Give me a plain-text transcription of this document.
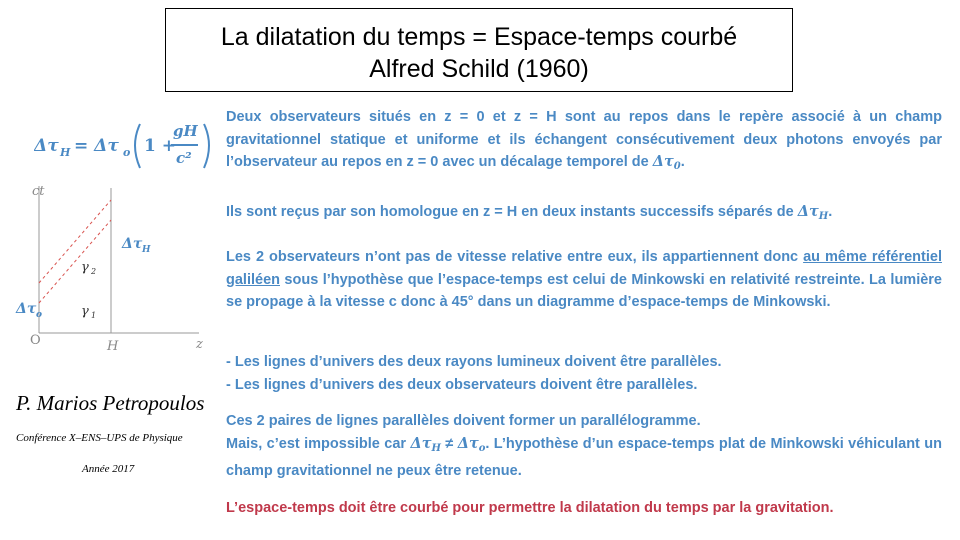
La dilatation du temps = Espace-temps courbé
Alfred Schild (1960)
Δτ H = Δτ o 1 +
gH
c²
ct
z
O	H
γ 2
γ 1
Δτ H
Δτ o
P. Marios Petropoulos
Conférence X–ENS–UPS de Physique
Année 2017

Deux observateurs situés en z = 0 et z = H sont au repos dans le repère associé à un champ gravitationnel statique et uniforme et ils échangent consécutivement deux photons envoyés par l’observateur au repos en z = 0 avec un décalage temporel de $\Delta\tau_0$.

Ils sont reçus par son homologue en z = H en deux instants successifs séparés de $\Delta\tau_H$.

Les 2 observateurs n’ont pas de vitesse relative entre eux, ils appartiennent donc au même référentiel galiléen sous l’hypothèse que l’espace-temps est celui de Minkowski en relativité restreinte. La lumière se propage à la vitesse c donc à 45° dans un diagramme d’espace-temps de Minkowski.

- Les lignes d’univers des deux rayons lumineux doivent être parallèles.

- Les lignes d’univers des deux observateurs doivent être parallèles.

Ces 2 paires de lignes parallèles doivent former un parallélogramme.

Mais, c’est impossible car $\Delta\tau_H \ne \Delta\tau_o$. L’hypothèse d’un espace-temps plat de Minkowski véhiculant un champ gravitationnel ne peux être retenue.

L’espace-temps doit être courbé pour permettre la dilatation du temps par la gravitation.
